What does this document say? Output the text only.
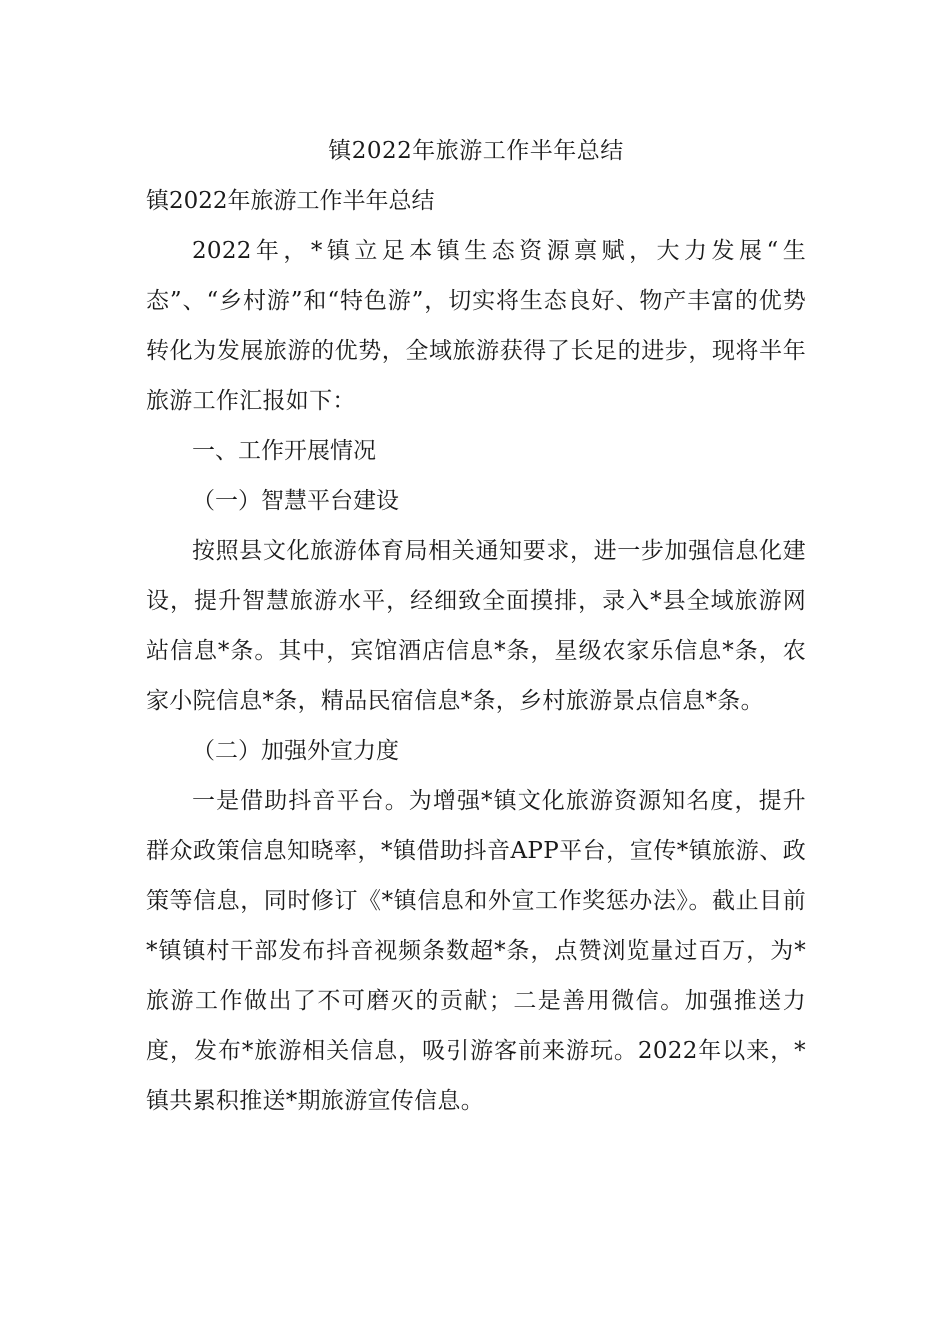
镇2022年旅游工作半年总结
镇2022年旅游工作半年总结

2022年，*镇立足本镇生态资源禀赋，大力发展“生态”、“乡村游”和“特色游”，切实将生态良好、物产丰富的优势转化为发展旅游的优势，全域旅游获得了长足的进步，现将半年旅游工作汇报如下：

一、工作开展情况
（一）智慧平台建设

按照县文化旅游体育局相关通知要求，进一步加强信息化建设，提升智慧旅游水平，经细致全面摸排，录入*县全域旅游网站信息*条。其中，宾馆酒店信息*条，星级农家乐信息*条，农家小院信息*条，精品民宿信息*条，乡村旅游景点信息*条。

（二）加强外宣力度

一是借助抖音平台。为增强*镇文化旅游资源知名度，提升群众政策信息知晓率，*镇借助抖音APP平台，宣传*镇旅游、政策等信息，同时修订《*镇信息和外宣工作奖惩办法》。截止目前*镇镇村干部发布抖音视频条数超*条，点赞浏览量过百万，为*旅游工作做出了不可磨灭的贡献；二是善用微信。加强推送力度，发布*旅游相关信息，吸引游客前来游玩。2022年以来，*镇共累积推送*期旅游宣传信息。
